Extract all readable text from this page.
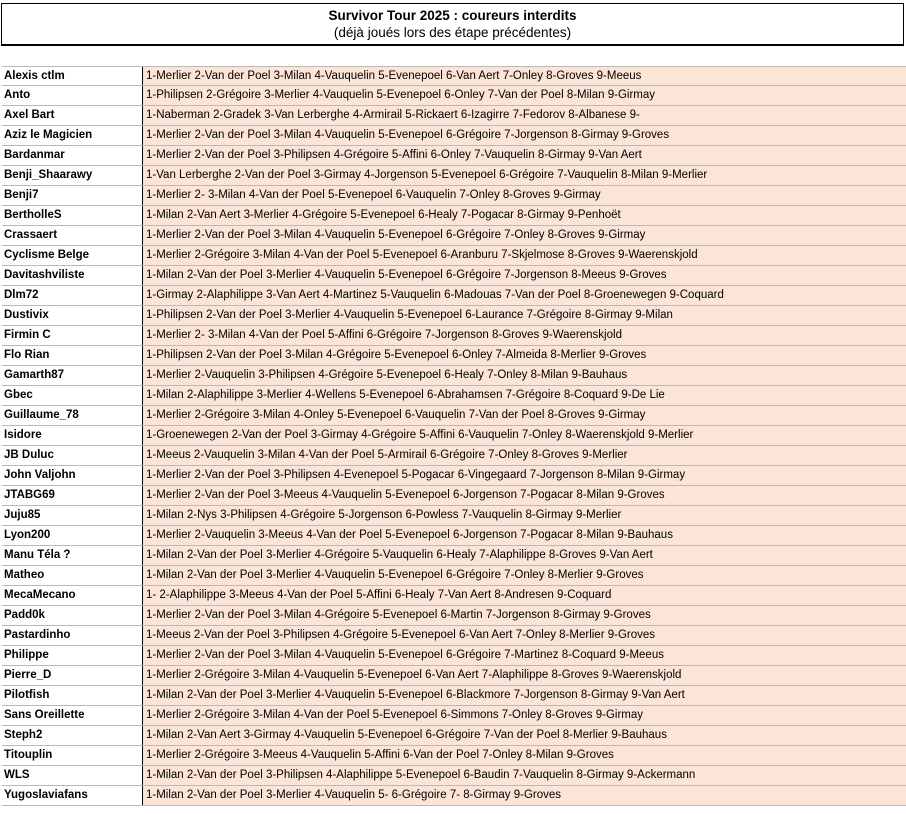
Survivor Tour 2025 : coureurs interdits
(déjà joués lors des étape précédentes)
Alexis ctlm	1-Merlier 2-Van der Poel 3-Milan 4-Vauquelin 5-Evenepoel 6-Van Aert 7-Onley 8-Groves 9-Meeus
Anto	1-Philipsen 2-Grégoire 3-Merlier 4-Vauquelin 5-Evenepoel 6-Onley 7-Van der Poel 8-Milan 9-Girmay
Axel Bart	1-Naberman 2-Gradek 3-Van Lerberghe 4-Armirail 5-Rickaert 6-Izagirre 7-Fedorov 8-Albanese 9-
Aziz le Magicien	1-Merlier 2-Van der Poel 3-Milan 4-Vauquelin 5-Evenepoel 6-Grégoire 7-Jorgenson 8-Girmay 9-Groves
Bardanmar	1-Merlier 2-Van der Poel 3-Philipsen 4-Grégoire 5-Affini 6-Onley 7-Vauquelin 8-Girmay 9-Van Aert
Benji_Shaarawy	1-Van Lerberghe 2-Van der Poel 3-Girmay 4-Jorgenson 5-Evenepoel 6-Grégoire 7-Vauquelin 8-Milan 9-Merlier
Benji7	1-Merlier 2- 3-Milan 4-Van der Poel 5-Evenepoel 6-Vauquelin 7-Onley 8-Groves 9-Girmay
BertholleS	1-Milan 2-Van Aert 3-Merlier 4-Grégoire 5-Evenepoel 6-Healy 7-Pogacar 8-Girmay 9-Penhoët
Crassaert	1-Merlier 2-Van der Poel 3-Milan 4-Vauquelin 5-Evenepoel 6-Grégoire 7-Onley 8-Groves 9-Girmay
Cyclisme Belge	1-Merlier 2-Grégoire 3-Milan 4-Van der Poel 5-Evenepoel 6-Aranburu 7-Skjelmose 8-Groves 9-Waerenskjold
Davitashviliste	1-Milan 2-Van der Poel 3-Merlier 4-Vauquelin 5-Evenepoel 6-Grégoire 7-Jorgenson 8-Meeus 9-Groves
Dlm72	1-Girmay 2-Alaphilippe 3-Van Aert 4-Martinez 5-Vauquelin 6-Madouas 7-Van der Poel 8-Groenewegen 9-Coquard
Dustivix	1-Philipsen 2-Van der Poel 3-Merlier 4-Vauquelin 5-Evenepoel 6-Laurance 7-Grégoire 8-Girmay 9-Milan
Firmin C	1-Merlier 2- 3-Milan 4-Van der Poel 5-Affini 6-Grégoire 7-Jorgenson 8-Groves 9-Waerenskjold
Flo Rian	1-Philipsen 2-Van der Poel 3-Milan 4-Grégoire 5-Evenepoel 6-Onley 7-Almeida 8-Merlier 9-Groves
Gamarth87	1-Merlier 2-Vauquelin 3-Philipsen 4-Grégoire 5-Evenepoel 6-Healy 7-Onley 8-Milan 9-Bauhaus
Gbec	1-Milan 2-Alaphilippe 3-Merlier 4-Wellens 5-Evenepoel 6-Abrahamsen 7-Grégoire 8-Coquard 9-De Lie
Guillaume_78	1-Merlier 2-Grégoire 3-Milan 4-Onley 5-Evenepoel 6-Vauquelin 7-Van der Poel 8-Groves 9-Girmay
Isidore	1-Groenewegen 2-Van der Poel 3-Girmay 4-Grégoire 5-Affini 6-Vauquelin 7-Onley 8-Waerenskjold 9-Merlier
JB Duluc	1-Meeus 2-Vauquelin 3-Milan 4-Van der Poel 5-Armirail 6-Grégoire 7-Onley 8-Groves 9-Merlier
John Valjohn	1-Merlier 2-Van der Poel 3-Philipsen 4-Evenepoel 5-Pogacar 6-Vingegaard 7-Jorgenson 8-Milan 9-Girmay
JTABG69	1-Merlier 2-Van der Poel 3-Meeus 4-Vauquelin 5-Evenepoel 6-Jorgenson 7-Pogacar 8-Milan 9-Groves
Juju85	1-Milan 2-Nys 3-Philipsen 4-Grégoire 5-Jorgenson 6-Powless 7-Vauquelin 8-Girmay 9-Merlier
Lyon200	1-Merlier 2-Vauquelin 3-Meeus 4-Van der Poel 5-Evenepoel 6-Jorgenson 7-Pogacar 8-Milan 9-Bauhaus
Manu Téla ?	1-Milan 2-Van der Poel 3-Merlier 4-Grégoire 5-Vauquelin 6-Healy 7-Alaphilippe 8-Groves 9-Van Aert
Matheo	1-Milan 2-Van der Poel 3-Merlier 4-Vauquelin 5-Evenepoel 6-Grégoire 7-Onley 8-Merlier 9-Groves
MecaMecano	1- 2-Alaphilippe 3-Meeus 4-Van der Poel 5-Affini 6-Healy 7-Van Aert 8-Andresen 9-Coquard
Padd0k	1-Merlier 2-Van der Poel 3-Milan 4-Grégoire 5-Evenepoel 6-Martin 7-Jorgenson 8-Girmay 9-Groves
Pastardinho	1-Meeus 2-Van der Poel 3-Philipsen 4-Grégoire 5-Evenepoel 6-Van Aert 7-Onley 8-Merlier 9-Groves
Philippe	1-Merlier 2-Van der Poel 3-Milan 4-Vauquelin 5-Evenepoel 6-Grégoire 7-Martinez 8-Coquard 9-Meeus
Pierre_D	1-Merlier 2-Grégoire 3-Milan 4-Vauquelin 5-Evenepoel 6-Van Aert 7-Alaphilippe 8-Groves 9-Waerenskjold
Pilotfish	1-Milan 2-Van der Poel 3-Merlier 4-Vauquelin 5-Evenepoel 6-Blackmore 7-Jorgenson 8-Girmay 9-Van Aert
Sans Oreillette	1-Merlier 2-Grégoire 3-Milan 4-Van der Poel 5-Evenepoel 6-Simmons 7-Onley 8-Groves 9-Girmay
Steph2	1-Milan 2-Van Aert 3-Girmay 4-Vauquelin 5-Evenepoel 6-Grégoire 7-Van der Poel 8-Merlier 9-Bauhaus
Titouplin	1-Merlier 2-Grégoire 3-Meeus 4-Vauquelin 5-Affini 6-Van der Poel 7-Onley 8-Milan 9-Groves
WLS	1-Milan 2-Van der Poel 3-Philipsen 4-Alaphilippe 5-Evenepoel 6-Baudin 7-Vauquelin 8-Girmay 9-Ackermann
Yugoslaviafans	1-Milan 2-Van der Poel 3-Merlier 4-Vauquelin 5- 6-Grégoire 7- 8-Girmay 9-Groves
